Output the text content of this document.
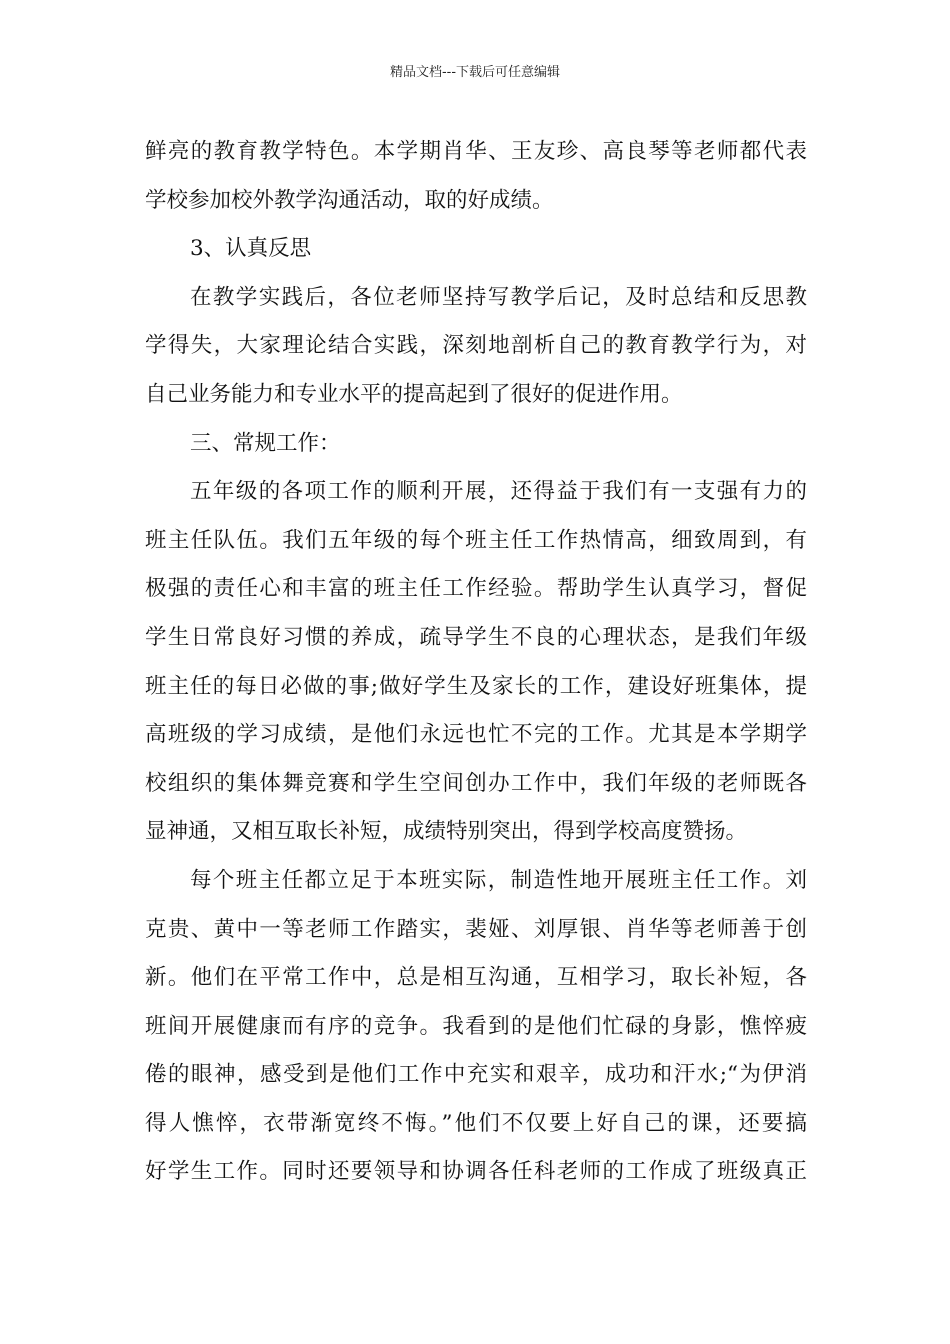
精品文档---下载后可任意编辑
鲜亮的教育教学特色。本学期肖华、王友珍、高良琴等老师都代表
学校参加校外教学沟通活动，取的好成绩。
3、认真反思
在教学实践后，各位老师坚持写教学后记，及时总结和反思教
学得失，大家理论结合实践，深刻地剖析自己的教育教学行为，对
自己业务能力和专业水平的提高起到了很好的促进作用。
三、常规工作：
五年级的各项工作的顺利开展，还得益于我们有一支强有力的
班主任队伍。我们五年级的每个班主任工作热情高，细致周到，有
极强的责任心和丰富的班主任工作经验。帮助学生认真学习，督促
学生日常良好习惯的养成，疏导学生不良的心理状态，是我们年级
班主任的每日必做的事;做好学生及家长的工作，建设好班集体，提
高班级的学习成绩，是他们永远也忙不完的工作。尤其是本学期学
校组织的集体舞竞赛和学生空间创办工作中，我们年级的老师既各
显神通，又相互取长补短，成绩特别突出，得到学校高度赞扬。
每个班主任都立足于本班实际，制造性地开展班主任工作。刘
克贵、黄中一等老师工作踏实，裴娅、刘厚银、肖华等老师善于创
新。他们在平常工作中，总是相互沟通，互相学习，取长补短，各
班间开展健康而有序的竞争。我看到的是他们忙碌的身影，憔悴疲
倦的眼神，感受到是他们工作中充实和艰辛，成功和汗水;“为伊消
得人憔悴，衣带渐宽终不悔。”他们不仅要上好自己的课，还要搞
好学生工作。同时还要领导和协调各任科老师的工作成了班级真正
